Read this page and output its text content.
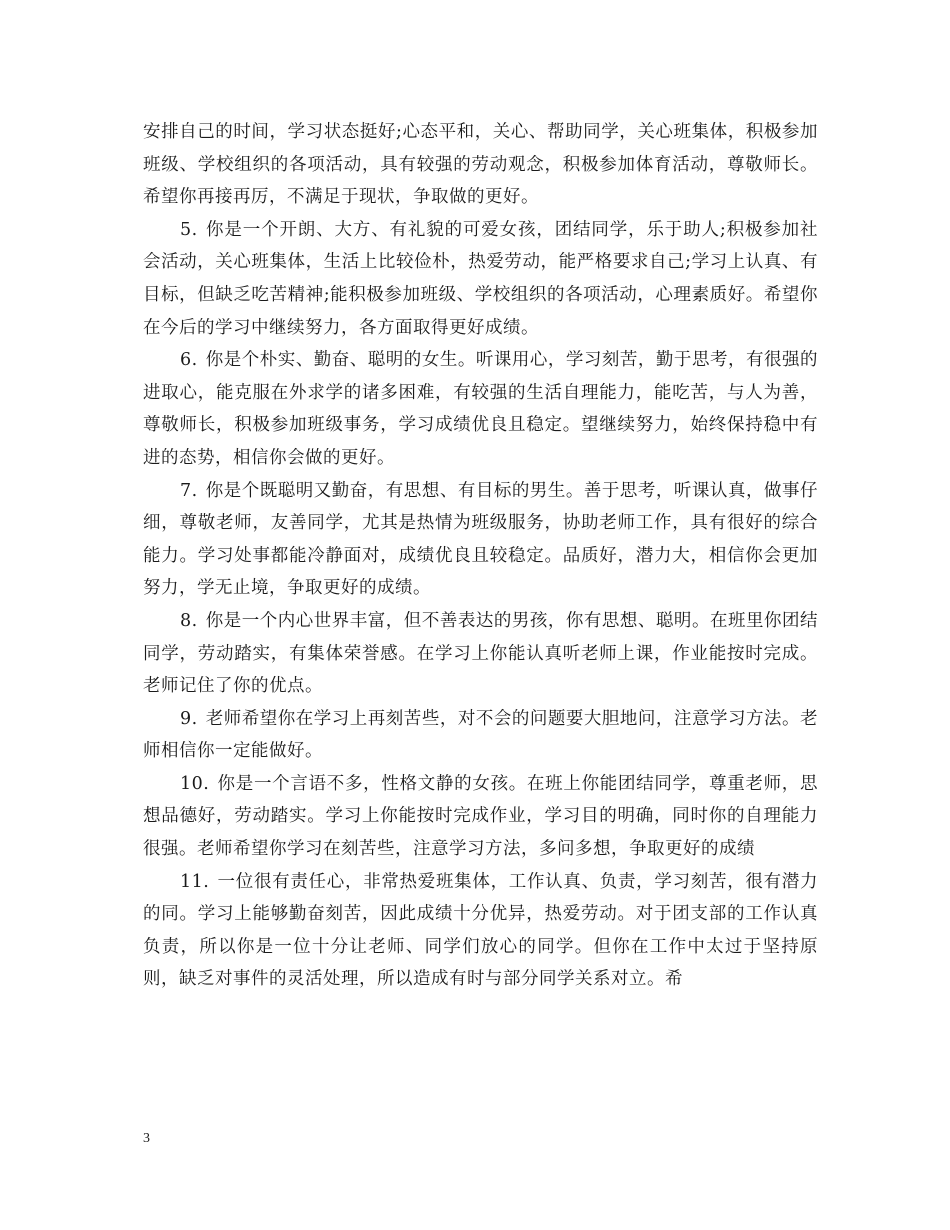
安排自己的时间，学习状态挺好;心态平和，关心、帮助同学，关心班集体，积极参加班级、学校组织的各项活动，具有较强的劳动观念，积极参加体育活动，尊敬师长。希望你再接再厉，不满足于现状，争取做的更好。

5. 你是一个开朗、大方、有礼貌的可爱女孩，团结同学，乐于助人;积极参加社会活动，关心班集体，生活上比较俭朴，热爱劳动，能严格要求自己;学习上认真、有目标，但缺乏吃苦精神;能积极参加班级、学校组织的各项活动，心理素质好。希望你在今后的学习中继续努力，各方面取得更好成绩。

6. 你是个朴实、勤奋、聪明的女生。听课用心，学习刻苦，勤于思考，有很强的进取心，能克服在外求学的诸多困难，有较强的生活自理能力，能吃苦，与人为善，尊敬师长，积极参加班级事务，学习成绩优良且稳定。望继续努力，始终保持稳中有进的态势，相信你会做的更好。

7. 你是个既聪明又勤奋，有思想、有目标的男生。善于思考，听课认真，做事仔细，尊敬老师，友善同学，尤其是热情为班级服务，协助老师工作，具有很好的综合能力。学习处事都能冷静面对，成绩优良且较稳定。品质好，潜力大，相信你会更加努力，学无止境，争取更好的成绩。

8. 你是一个内心世界丰富，但不善表达的男孩，你有思想、聪明。在班里你团结同学，劳动踏实，有集体荣誉感。在学习上你能认真听老师上课，作业能按时完成。老师记住了你的优点。

9. 老师希望你在学习上再刻苦些，对不会的问题要大胆地问，注意学习方法。老师相信你一定能做好。

10. 你是一个言语不多，性格文静的女孩。在班上你能团结同学，尊重老师，思想品德好，劳动踏实。学习上你能按时完成作业，学习目的明确，同时你的自理能力很强。老师希望你学习在刻苦些，注意学习方法，多问多想，争取更好的成绩

11. 一位很有责任心，非常热爱班集体，工作认真、负责，学习刻苦，很有潜力的同。学习上能够勤奋刻苦，因此成绩十分优异，热爱劳动。对于团支部的工作认真负责，所以你是一位十分让老师、同学们放心的同学。但你在工作中太过于坚持原则，缺乏对事件的灵活处理，所以造成有时与部分同学关系对立。希

3
